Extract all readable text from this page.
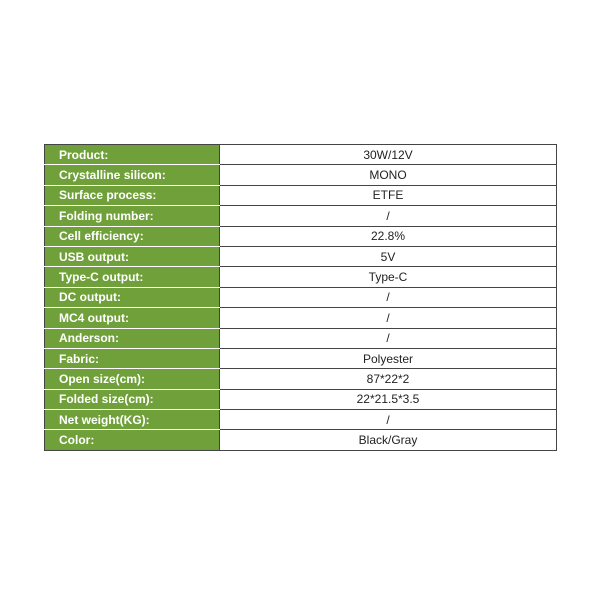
Product:	30W/12V
Crystalline silicon:	MONO
Surface process:	ETFE
Folding number:	/
Cell efficiency:	22.8%
USB output:	5V
Type-C output:	Type-C
DC output:	/
MC4 output:	/
Anderson:	/
Fabric:	Polyester
Open size(cm):	87*22*2
Folded size(cm):	22*21.5*3.5
Net weight(KG):	/
Color:	Black/Gray
